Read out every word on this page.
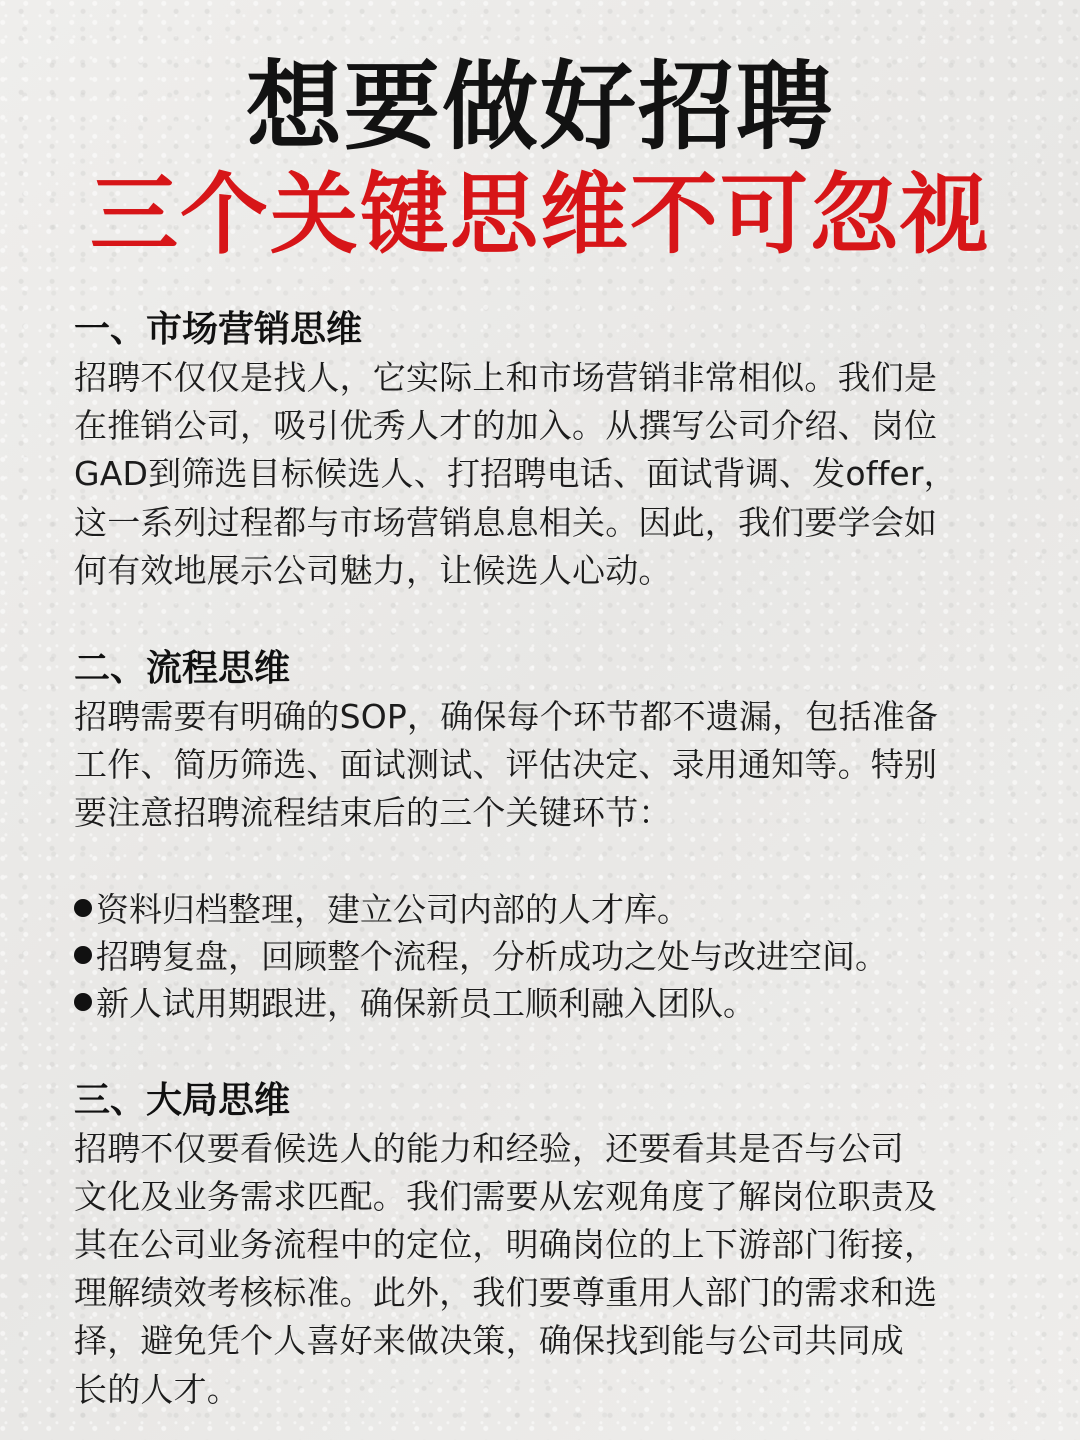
想要做好招聘
三个关键思维不可忽视

一、市场营销思维

招聘不仅仅是找人，它实际上和市场营销非常相似。我们是

在推销公司，吸引优秀人才的加入。从撰写公司介绍、岗位

GAD到筛选目标候选人、打招聘电话、面试背调、发offer，

这一系列过程都与市场营销息息相关。因此，我们要学会如

何有效地展示公司魅力，让候选人心动。

二、流程思维

招聘需要有明确的SOP，确保每个环节都不遗漏，包括准备

工作、简历筛选、面试测试、评估决定、录用通知等。特别

要注意招聘流程结束后的三个关键环节：

资料归档整理，建立公司内部的人才库。

招聘复盘，回顾整个流程，分析成功之处与改进空间。

新人试用期跟进，确保新员工顺利融入团队。

三、大局思维

招聘不仅要看候选人的能力和经验，还要看其是否与公司

文化及业务需求匹配。我们需要从宏观角度了解岗位职责及

其在公司业务流程中的定位，明确岗位的上下游部门衔接，

理解绩效考核标准。此外，我们要尊重用人部门的需求和选

择，避免凭个人喜好来做决策，确保找到能与公司共同成

长的人才。
